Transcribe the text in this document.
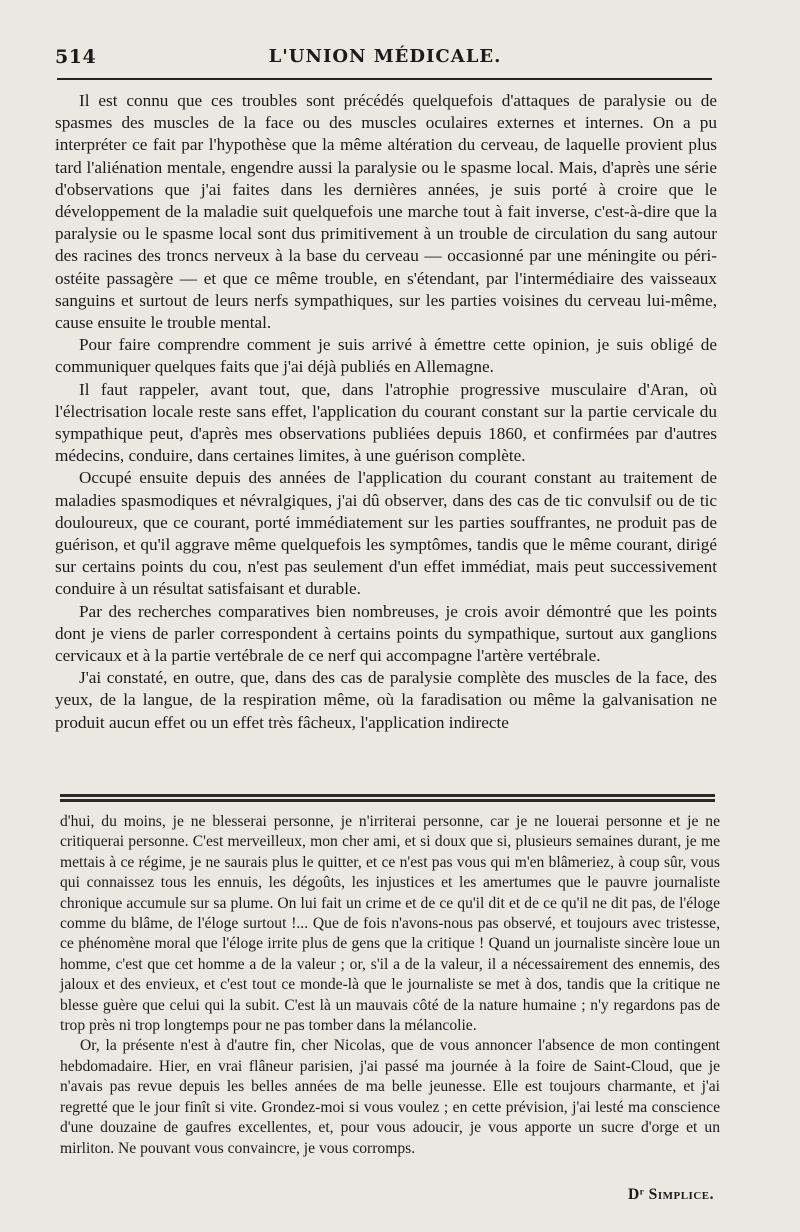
514	L'UNION MÉDICALE.

Il est connu que ces troubles sont précédés quelquefois d'attaques de paralysie ou de spasmes des muscles de la face ou des muscles oculaires externes et internes. On a pu interpréter ce fait par l'hypothèse que la même altération du cerveau, de laquelle provient plus tard l'aliénation mentale, engendre aussi la paralysie ou le spasme local. Mais, d'après une série d'observations que j'ai faites dans les dernières années, je suis porté à croire que le développement de la maladie suit quelquefois une marche tout à fait inverse, c'est-à-dire que la paralysie ou le spasme local sont dus primitivement à un trouble de circulation du sang autour des racines des troncs nerveux à la base du cerveau — occasionné par une méningite ou péri-ostéite passagère — et que ce même trouble, en s'étendant, par l'intermédiaire des vaisseaux sanguins et surtout de leurs nerfs sympathiques, sur les parties voisines du cerveau lui-même, cause ensuite le trouble mental.

Pour faire comprendre comment je suis arrivé à émettre cette opinion, je suis obligé de communiquer quelques faits que j'ai déjà publiés en Allemagne.

Il faut rappeler, avant tout, que, dans l'atrophie progressive musculaire d'Aran, où l'électrisation locale reste sans effet, l'application du courant constant sur la partie cervicale du sympathique peut, d'après mes observations publiées depuis 1860, et confirmées par d'autres médecins, conduire, dans certaines limites, à une guérison complète.

Occupé ensuite depuis des années de l'application du courant constant au traitement de maladies spasmodiques et névralgiques, j'ai dû observer, dans des cas de tic convulsif ou de tic douloureux, que ce courant, porté immédiatement sur les parties souffrantes, ne produit pas de guérison, et qu'il aggrave même quelquefois les symptômes, tandis que le même courant, dirigé sur certains points du cou, n'est pas seulement d'un effet immédiat, mais peut successivement conduire à un résultat satisfaisant et durable.

Par des recherches comparatives bien nombreuses, je crois avoir démontré que les points dont je viens de parler correspondent à certains points du sympathique, surtout aux ganglions cervicaux et à la partie vertébrale de ce nerf qui accompagne l'artère vertébrale.

J'ai constaté, en outre, que, dans des cas de paralysie complète des muscles de la face, des yeux, de la langue, de la respiration même, où la faradisation ou même la galvanisation ne produit aucun effet ou un effet très fâcheux, l'application indirecte

d'hui, du moins, je ne blesserai personne, je n'irriterai personne, car je ne louerai personne et je ne critiquerai personne. C'est merveilleux, mon cher ami, et si doux que si, plusieurs semaines durant, je me mettais à ce régime, je ne saurais plus le quitter, et ce n'est pas vous qui m'en blâmeriez, à coup sûr, vous qui connaissez tous les ennuis, les dégoûts, les injustices et les amertumes que le pauvre journaliste chronique accumule sur sa plume. On lui fait un crime et de ce qu'il dit et de ce qu'il ne dit pas, de l'éloge comme du blâme, de l'éloge surtout !... Que de fois n'avons-nous pas observé, et toujours avec tristesse, ce phénomène moral que l'éloge irrite plus de gens que la critique ! Quand un journaliste sincère loue un homme, c'est que cet homme a de la valeur ; or, s'il a de la valeur, il a nécessairement des ennemis, des jaloux et des envieux, et c'est tout ce monde-là que le journaliste se met à dos, tandis que la critique ne blesse guère que celui qui la subit. C'est là un mauvais côté de la nature humaine ; n'y regardons pas de trop près ni trop longtemps pour ne pas tomber dans la mélancolie.

Or, la présente n'est à d'autre fin, cher Nicolas, que de vous annoncer l'absence de mon contingent hebdomadaire. Hier, en vrai flâneur parisien, j'ai passé ma journée à la foire de Saint-Cloud, que je n'avais pas revue depuis les belles années de ma belle jeunesse. Elle est toujours charmante, et j'ai regretté que le jour finît si vite. Grondez-moi si vous voulez ; en cette prévision, j'ai lesté ma conscience d'une douzaine de gaufres excellentes, et, pour vous adoucir, je vous apporte un sucre d'orge et un mirliton. Ne pouvant vous convaincre, je vous corromps.

Dʳ Simplice.
